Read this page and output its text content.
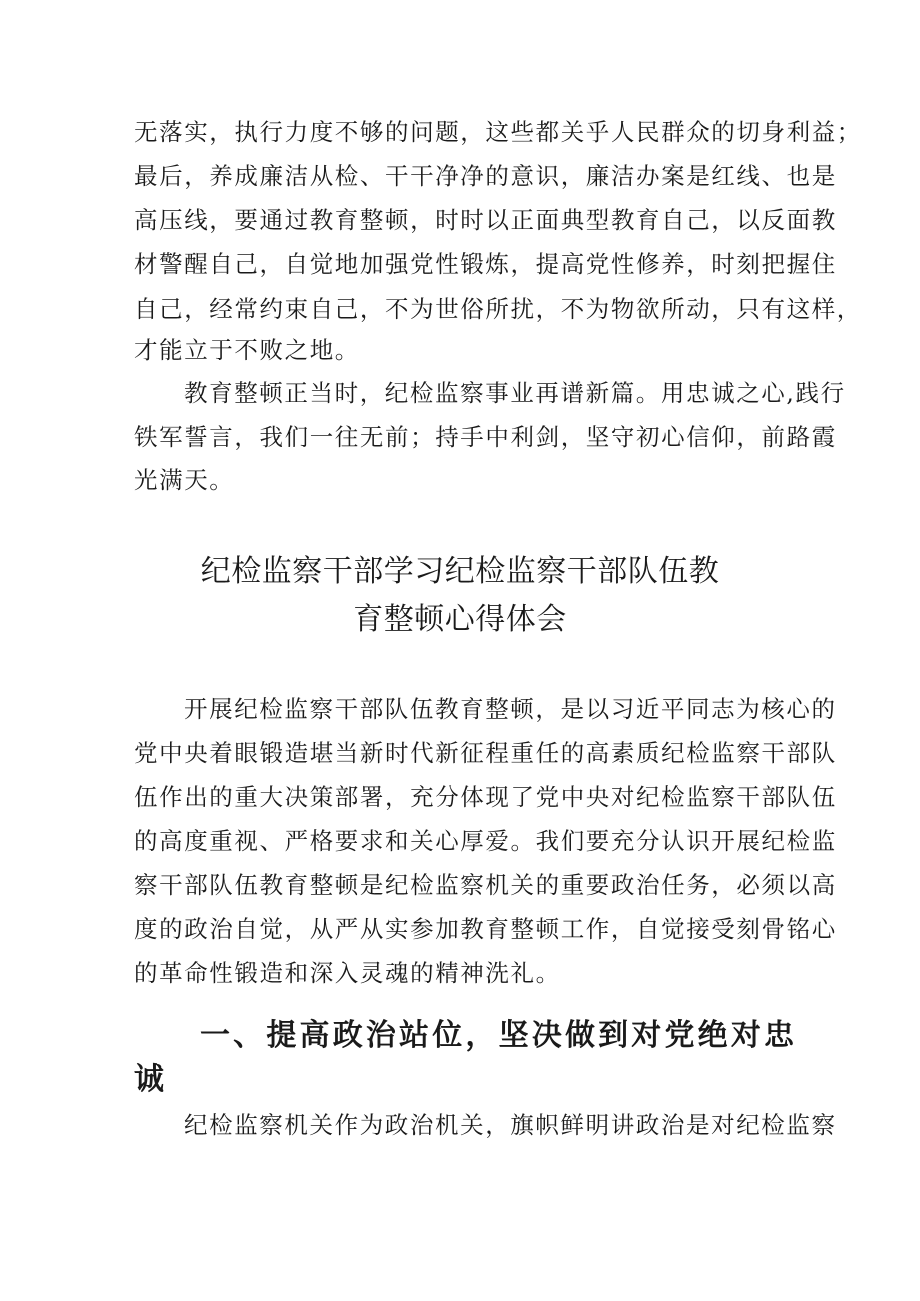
无落实，执行力度不够的问题，这些都关乎人民群众的切身利益；
最后，养成廉洁从检、干干净净的意识，廉洁办案是红线、也是
高压线，要通过教育整顿，时时以正面典型教育自己，以反面教
材警醒自己，自觉地加强党性锻炼，提高党性修养，时刻把握住
自己，经常约束自己，不为世俗所扰，不为物欲所动，只有这样，
才能立于不败之地。
教育整顿正当时，纪检监察事业再谱新篇。用忠诚之心,践行
铁军誓言，我们一往无前；持手中利剑，坚守初心信仰，前路霞
光满天。
纪检监察干部学习纪检监察干部队伍教
育整顿心得体会
开展纪检监察干部队伍教育整顿，是以习近平同志为核心的
党中央着眼锻造堪当新时代新征程重任的高素质纪检监察干部队
伍作出的重大决策部署，充分体现了党中央对纪检监察干部队伍
的高度重视、严格要求和关心厚爱。我们要充分认识开展纪检监
察干部队伍教育整顿是纪检监察机关的重要政治任务，必须以高
度的政治自觉，从严从实参加教育整顿工作，自觉接受刻骨铭心
的革命性锻造和深入灵魂的精神洗礼。
一、提高政治站位，坚决做到对党绝对忠
诚
纪检监察机关作为政治机关，旗帜鲜明讲政治是对纪检监察
